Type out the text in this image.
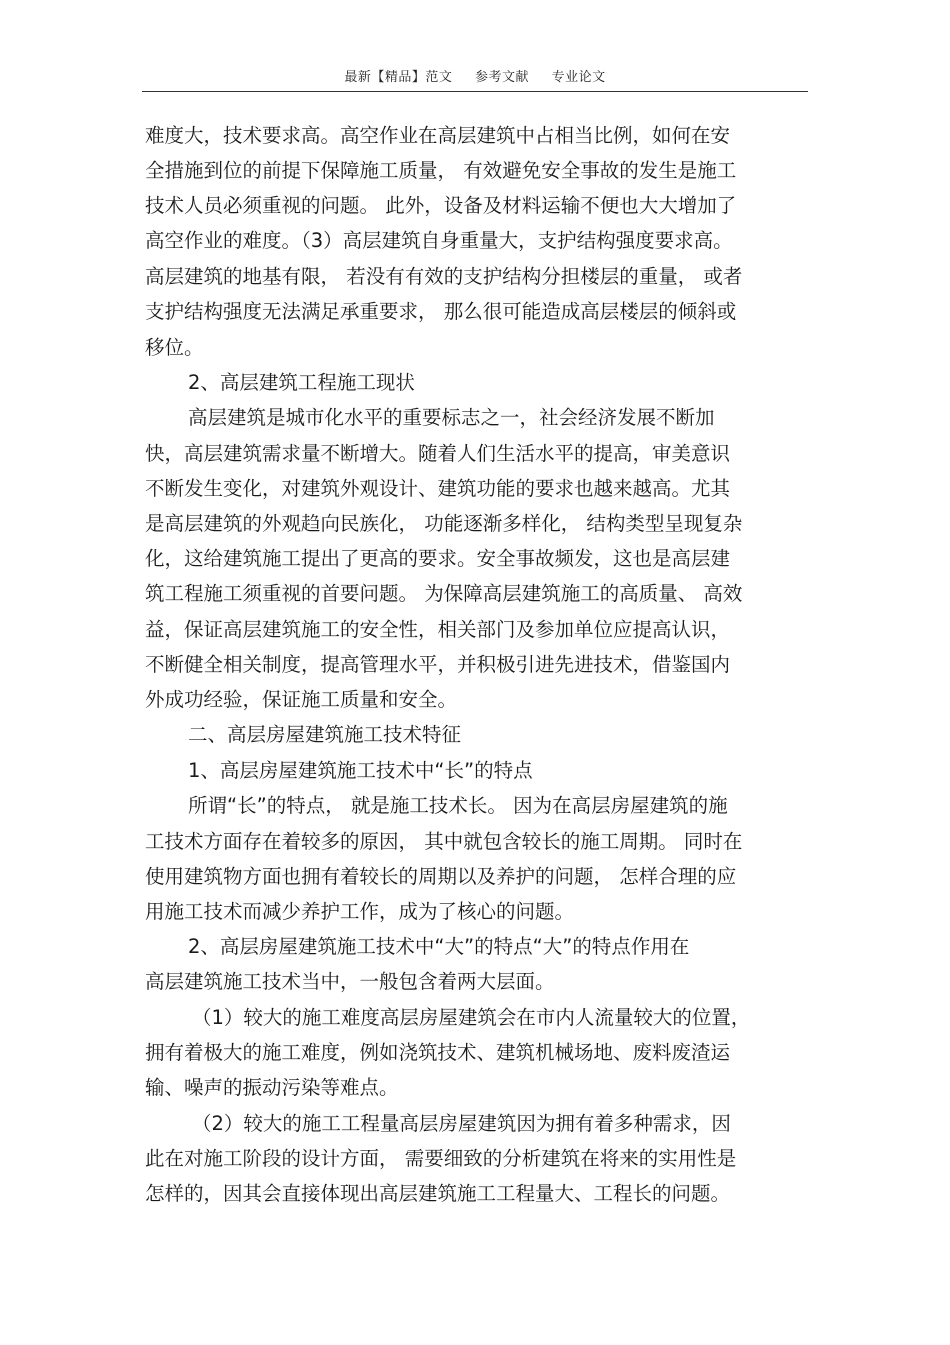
最新【精品】范文 参考文献 专业论文
难度大，技术要求高。高空作业在高层建筑中占相当比例，如何在安
全措施到位的前提下保障施工质量， 有效避免安全事故的发生是施工
技术人员必须重视的问题。 此外，设备及材料运输不便也大大增加了
高空作业的难度。（3）高层建筑自身重量大，支护结构强度要求高。
高层建筑的地基有限， 若没有有效的支护结构分担楼层的重量， 或者
支护结构强度无法满足承重要求， 那么很可能造成高层楼层的倾斜或
移位。
2、高层建筑工程施工现状
高层建筑是城市化水平的重要标志之一，社会经济发展不断加
快，高层建筑需求量不断增大。随着人们生活水平的提高，审美意识
不断发生变化，对建筑外观设计、建筑功能的要求也越来越高。尤其
是高层建筑的外观趋向民族化， 功能逐渐多样化， 结构类型呈现复杂
化，这给建筑施工提出了更高的要求。安全事故频发，这也是高层建
筑工程施工须重视的首要问题。 为保障高层建筑施工的高质量、 高效
益，保证高层建筑施工的安全性，相关部门及参加单位应提高认识，
不断健全相关制度，提高管理水平，并积极引进先进技术，借鉴国内
外成功经验，保证施工质量和安全。
二、高层房屋建筑施工技术特征
1、高层房屋建筑施工技术中“长”的特点
所谓“长”的特点， 就是施工技术长。 因为在高层房屋建筑的施
工技术方面存在着较多的原因， 其中就包含较长的施工周期。 同时在
使用建筑物方面也拥有着较长的周期以及养护的问题， 怎样合理的应
用施工技术而减少养护工作，成为了核心的问题。
2、高层房屋建筑施工技术中“大”的特点“大”的特点作用在
高层建筑施工技术当中，一般包含着两大层面。
（1）较大的施工难度高层房屋建筑会在市内人流量较大的位置，
拥有着极大的施工难度，例如浇筑技术、建筑机械场地、废料废渣运
输、噪声的振动污染等难点。
（2）较大的施工工程量高层房屋建筑因为拥有着多种需求，因
此在对施工阶段的设计方面， 需要细致的分析建筑在将来的实用性是
怎样的，因其会直接体现出高层建筑施工工程量大、工程长的问题。
